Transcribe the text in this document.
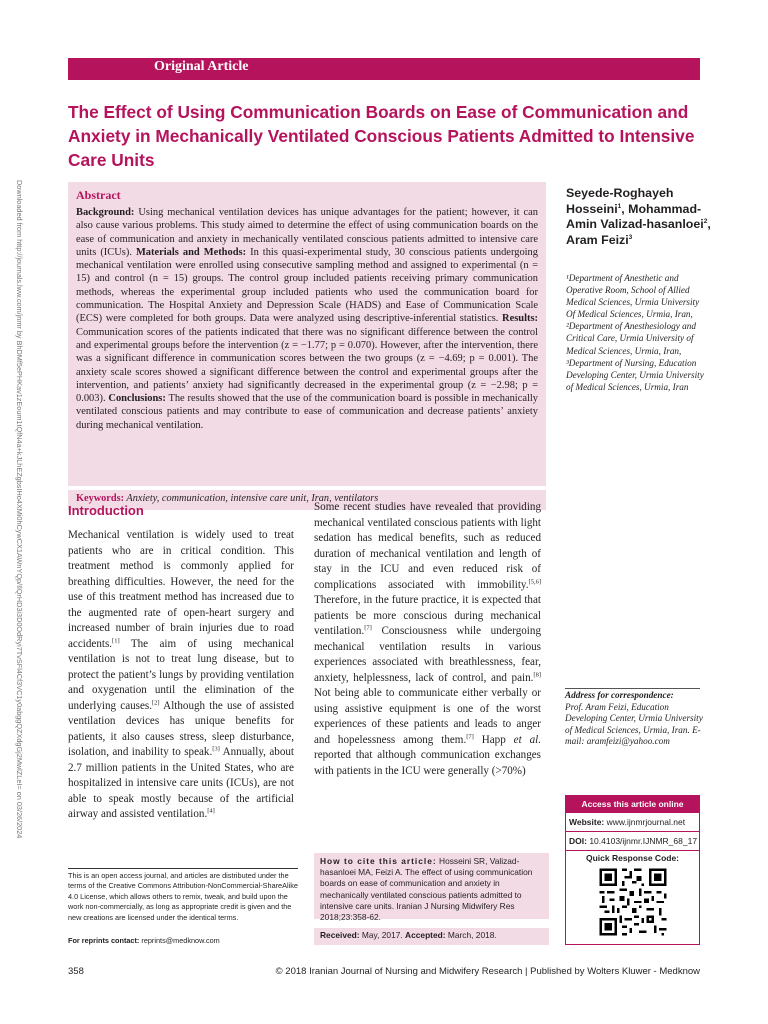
Original Article
The Effect of Using Communication Boards on Ease of Communication and Anxiety in Mechanically Ventilated Conscious Patients Admitted to Intensive Care Units
Downloaded from http://journals.lww.com/jnmr by BhDMf5ePHKav1zEoum1tQfN4a+kJLhEZgbsIHo4XMi0hCywCX1AWnYQp/IlQrHD3i3D0OdRyi7TvSFl4Cf3VC1y0abggQZXdgGj2MwlZLeI= on 03/26/2024	Abstract

Background: Using mechanical ventilation devices has unique advantages for the patient; however, it can also cause various problems. This study aimed to determine the effect of using communication boards on the ease of communication and anxiety in mechanically ventilated conscious patients admitted to intensive care units (ICUs). Materials and Methods: In this quasi-experimental study, 30 conscious patients undergoing mechanical ventilation were enrolled using consecutive sampling method and assigned to experimental (n = 15) and control (n = 15) groups. The control group included patients receiving primary communication methods, whereas the experimental group included patients who used the communication board for communication. The Hospital Anxiety and Depression Scale (HADS) and Ease of Communication Scale (ECS) were completed for both groups. Data were analyzed using descriptive-inferential statistics. Results: Communication scores of the patients indicated that there was no significant difference between the control and experimental groups before the intervention (z = −1.77; p = 0.070). However, after the intervention, there was a significant difference in communication scores between the two groups (z = −4.69; p = 0.001). The anxiety scale scores showed a significant difference between the control and experimental groups after the intervention, and patients’ anxiety had significantly decreased in the experimental group (z = −2.98; p = 0.003). Conclusions: The results showed that the use of the communication board is possible in mechanically ventilated conscious patients and may contribute to ease of communication and decrease patients’ anxiety during mechanical ventilation.

Keywords: Anxiety, communication, intensive care unit, Iran, ventilators

Seyede-Roghayeh Hosseini$^1$, Mohammad-Amin Valizad-hasanloei$^2$, Aram Feizi$^3$

¹Department of Anesthetic and Operative Room, School of Allied Medical Sciences, Urmia University Of Medical Sciences, Urmia, Iran, ²Department of Anesthesiology and Critical Care, Urmia University of Medical Sciences, Urmia, Iran, ³Department of Nursing, Education Developing Center, Urmia University of Medical Sciences, Urmia, Iran

Introduction

Mechanical ventilation is widely used to treat patients who are in critical condition. This treatment method is commonly applied for breathing difficulties. However, the need for the use of this treatment method has increased due to the augmented rate of open-heart surgery and increased number of brain injuries due to road accidents.[1] The aim of using mechanical ventilation is not to treat lung disease, but to protect the patient’s lungs by providing ventilation and oxygenation until the elimination of the underlying causes.[2] Although the use of assisted ventilation devices has unique benefits for patients, it also causes stress, sleep disturbance, isolation, and inability to speak.[3] Annually, about 2.7 million patients in the United States, who are hospitalized in intensive care units (ICUs), are not able to speak mostly because of the artificial airway and assisted ventilation.[4]

Some recent studies have revealed that providing mechanical ventilated conscious patients with light sedation has medical benefits, such as reduced duration of mechanical ventilation and length of stay in the ICU and even reduced risk of complications associated with immobility.[5,6] Therefore, in the future practice, it is expected that patients be more conscious during mechanical ventilation.[7] Consciousness while undergoing mechanical ventilation results in various experiences associated with breathlessness, fear, anxiety, helplessness, lack of control, and pain.[8] Not being able to communicate either verbally or using assistive equipment is one of the worst experiences of these patients and leads to anger and hopelessness among them.[7] Happ et al. reported that although communication exchanges with patients in the ICU were generally (>70%)

This is an open access journal, and articles are distributed under the terms of the Creative Commons Attribution-NonCommercial-ShareAlike 4.0 License, which allows others to remix, tweak, and build upon the work non-commercially, as long as appropriate credit is given and the new creations are licensed under the identical terms.

For reprints contact: reprints@medknow.com
How to cite this article: Hosseini SR, Valizad-hasanloei MA, Feizi A. The effect of using communication boards on ease of communication and anxiety in mechanically ventilated conscious patients admitted to intensive care units. Iranian J Nursing Midwifery Res 2018;23:358-62.
Received: May, 2017. Accepted: March, 2018.

Address for correspondence:
Prof. Aram Feizi, Education Developing Center, Urmia University of Medical Sciences, Urmia, Iran. E-mail: aramfeizi@yahoo.com

Access this article online
Website: www.ijnmrjournal.net
DOI: 10.4103/ijnmr.IJNMR_68_17
Quick Response Code:
358	© 2018 Iranian Journal of Nursing and Midwifery Research | Published by Wolters Kluwer - Medknow
